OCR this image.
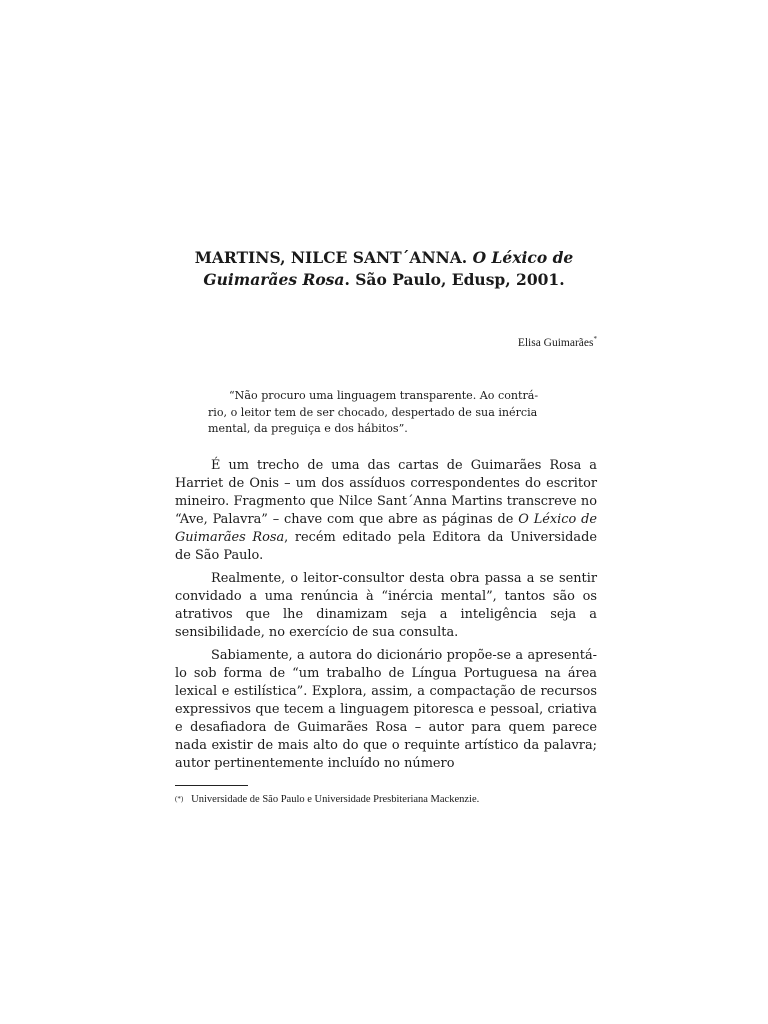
MARTINS, NILCE SANT´ANNA. O Léxico de
Guimarães Rosa. São Paulo, Edusp, 2001.
Elisa Guimarães*
“Não procuro uma linguagem transparente. Ao contrá-
rio, o leitor tem de ser chocado, despertado de sua inércia
mental, da preguiça e dos hábitos”.

É um trecho de uma das cartas de Guimarães Rosa a Harriet de Onis – um dos assíduos correspondentes do escritor mineiro. Fragmento que Nilce Sant´Anna Martins transcreve no “Ave, Palavra” – chave com que abre as páginas de O Léxico de Guimarães Rosa, recém editado pela Editora da Universidade de São Paulo.

Realmente, o leitor-consultor desta obra passa a se sentir convidado a uma renúncia à “inércia mental”, tantos são os atrativos que lhe dinamizam seja a inteligência seja a sensibilidade, no exercício de sua consulta.

Sabiamente, a autora do dicionário propõe-se a apresentá-lo sob forma de “um trabalho de Língua Portuguesa na área lexical e estilística”. Explora, assim, a compactação de recursos expressivos que tecem a linguagem pitoresca e pessoal, criativa e desafiadora de Guimarães Rosa – autor para quem parece nada existir de mais alto do que o requinte artístico da palavra; autor pertinentemente incluído no número

(*) Universidade de São Paulo e Universidade Presbiteriana Mackenzie.
